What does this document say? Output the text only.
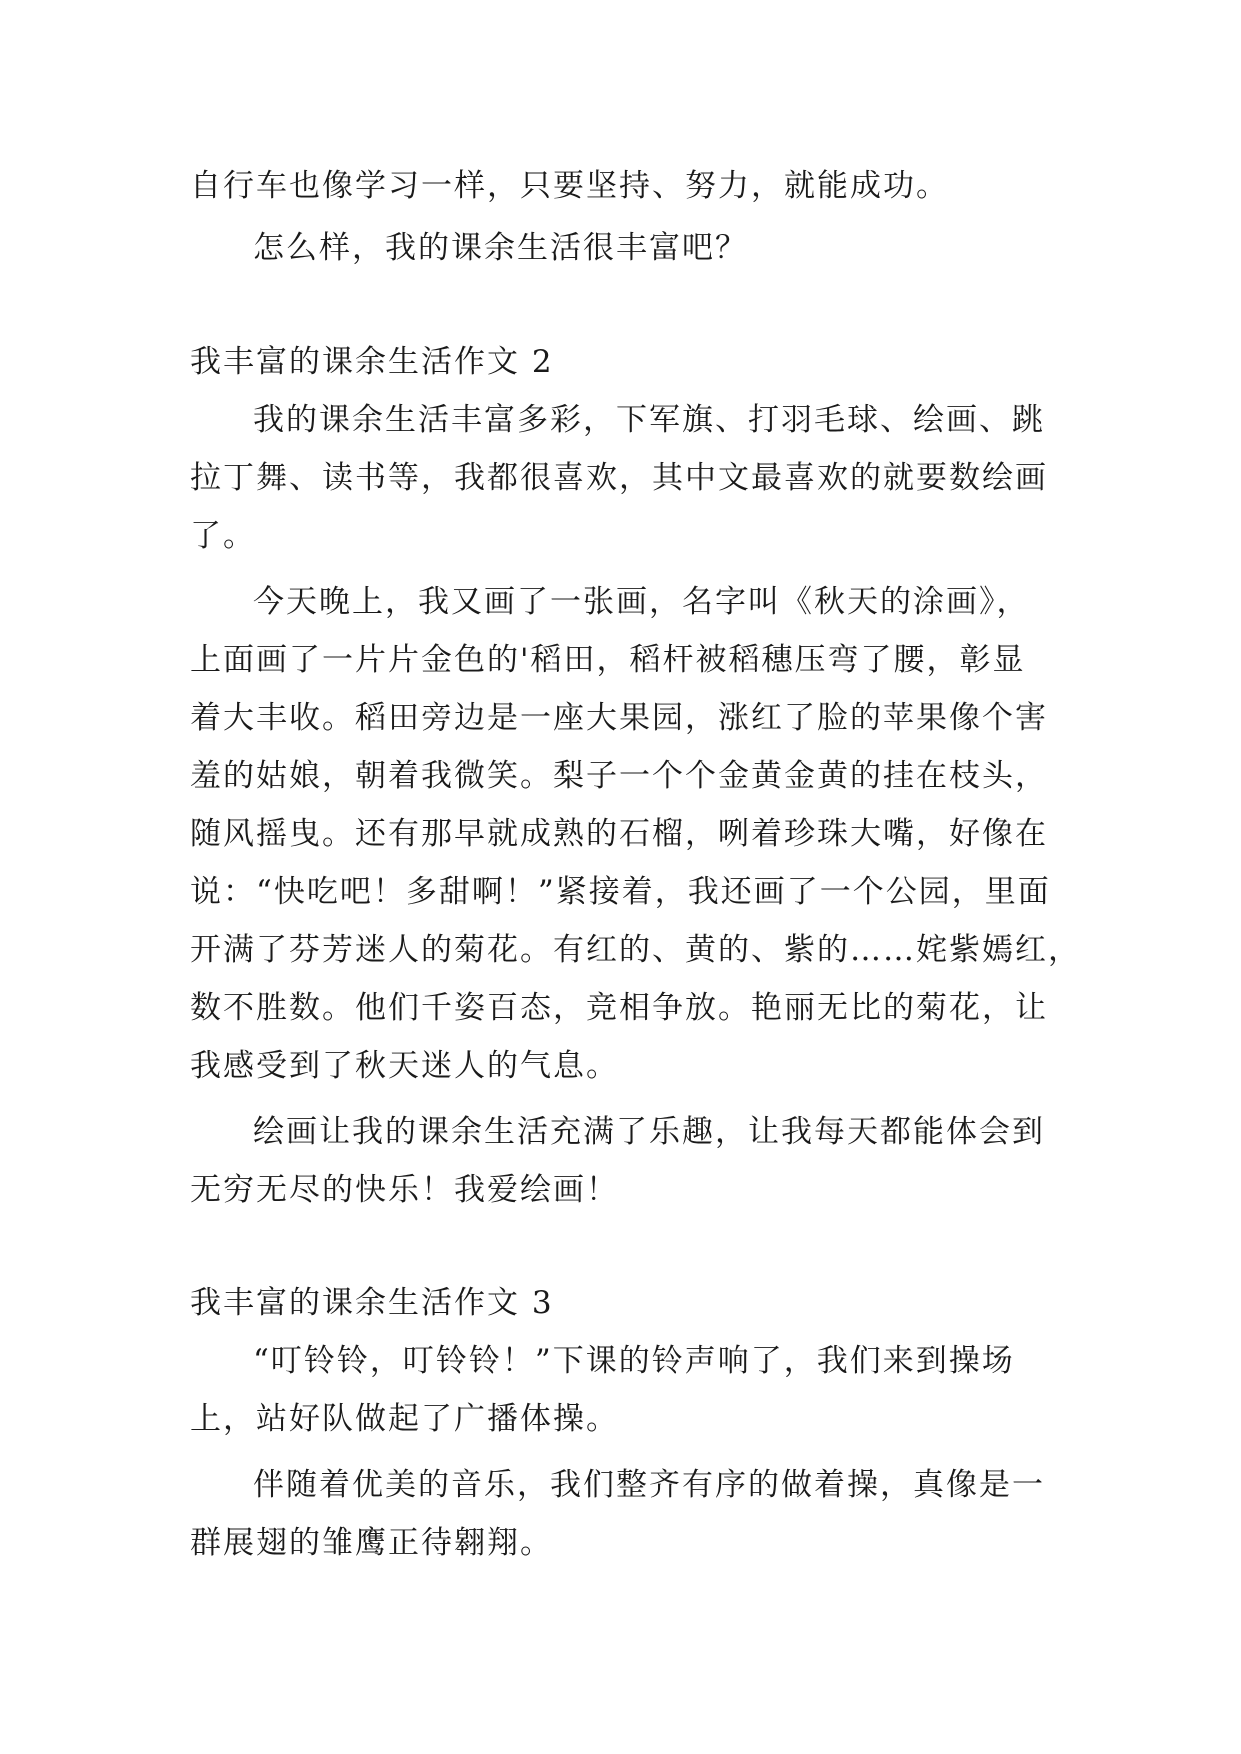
自行车也像学习一样，只要坚持、努力，就能成功。
怎么样，我的课余生活很丰富吧？
我丰富的课余生活作文 2
我的课余生活丰富多彩，下军旗、打羽毛球、绘画、跳
拉丁舞、读书等，我都很喜欢，其中文最喜欢的就要数绘画
了。
今天晚上，我又画了一张画，名字叫《秋天的涂画》，
上面画了一片片金色的'稻田，稻杆被稻穗压弯了腰，彰显
着大丰收。稻田旁边是一座大果园，涨红了脸的苹果像个害
羞的姑娘，朝着我微笑。梨子一个个金黄金黄的挂在枝头，
随风摇曳。还有那早就成熟的石榴，咧着珍珠大嘴，好像在
说：“快吃吧！多甜啊！”紧接着，我还画了一个公园，里面
开满了芬芳迷人的菊花。有红的、黄的、紫的……姹紫嫣红，
数不胜数。他们千姿百态，竞相争放。艳丽无比的菊花，让
我感受到了秋天迷人的气息。
绘画让我的课余生活充满了乐趣，让我每天都能体会到
无穷无尽的快乐！我爱绘画！
我丰富的课余生活作文 3
“叮铃铃，叮铃铃！”下课的铃声响了，我们来到操场
上，站好队做起了广播体操。
伴随着优美的音乐，我们整齐有序的做着操，真像是一
群展翅的雏鹰正待翱翔。
